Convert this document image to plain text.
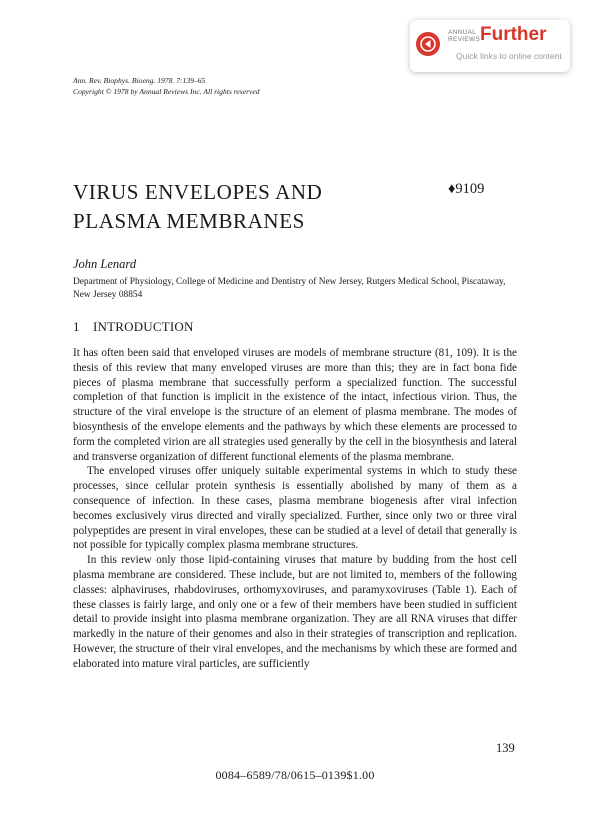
ANNUAL
REVIEWS Further
Quick links to online content
Ann. Rev. Biophys. Bioeng. 1978. 7:139–65
Copyright © 1978 by Annual Reviews Inc. All rights reserved
VIRUS ENVELOPES AND
PLASMA MEMBRANES
♦9109
John Lenard
Department of Physiology, College of Medicine and Dentistry of New Jersey, Rutgers Medical School, Piscataway, New Jersey 08854
1 INTRODUCTION

It has often been said that enveloped viruses are models of membrane structure (81, 109). It is the thesis of this review that many enveloped viruses are more than this; they are in fact bona fide pieces of plasma membrane that successfully perform a specialized function. The successful completion of that function is implicit in the existence of the intact, infectious virion. Thus, the structure of the viral envelope is the structure of an element of plasma membrane. The modes of biosynthesis of the envelope elements and the pathways by which these elements are processed to form the completed virion are all strategies used generally by the cell in the biosynthesis and lateral and transverse organization of different functional elements of the plasma membrane.

The enveloped viruses offer uniquely suitable experimental systems in which to study these processes, since cellular protein synthesis is essentially abolished by many of them as a consequence of infection. In these cases, plasma membrane biogenesis after viral infection becomes exclusively virus directed and virally specialized. Further, since only two or three viral polypeptides are present in viral envelopes, these can be studied at a level of detail that generally is not possible for typically complex plasma membrane structures.

In this review only those lipid-containing viruses that mature by budding from the host cell plasma membrane are considered. These include, but are not limited to, members of the following classes: alphaviruses, rhabdoviruses, orthomyxoviruses, and paramyxoviruses (Table 1). Each of these classes is fairly large, and only one or a few of their members have been studied in sufficient detail to provide insight into plasma membrane organization. They are all RNA viruses that differ markedly in the nature of their genomes and also in their strategies of transcription and replication. However, the structure of their viral envelopes, and the mechanisms by which these are formed and elaborated into mature viral particles, are sufficiently

139
0084–6589/78/0615–0139$1.00
